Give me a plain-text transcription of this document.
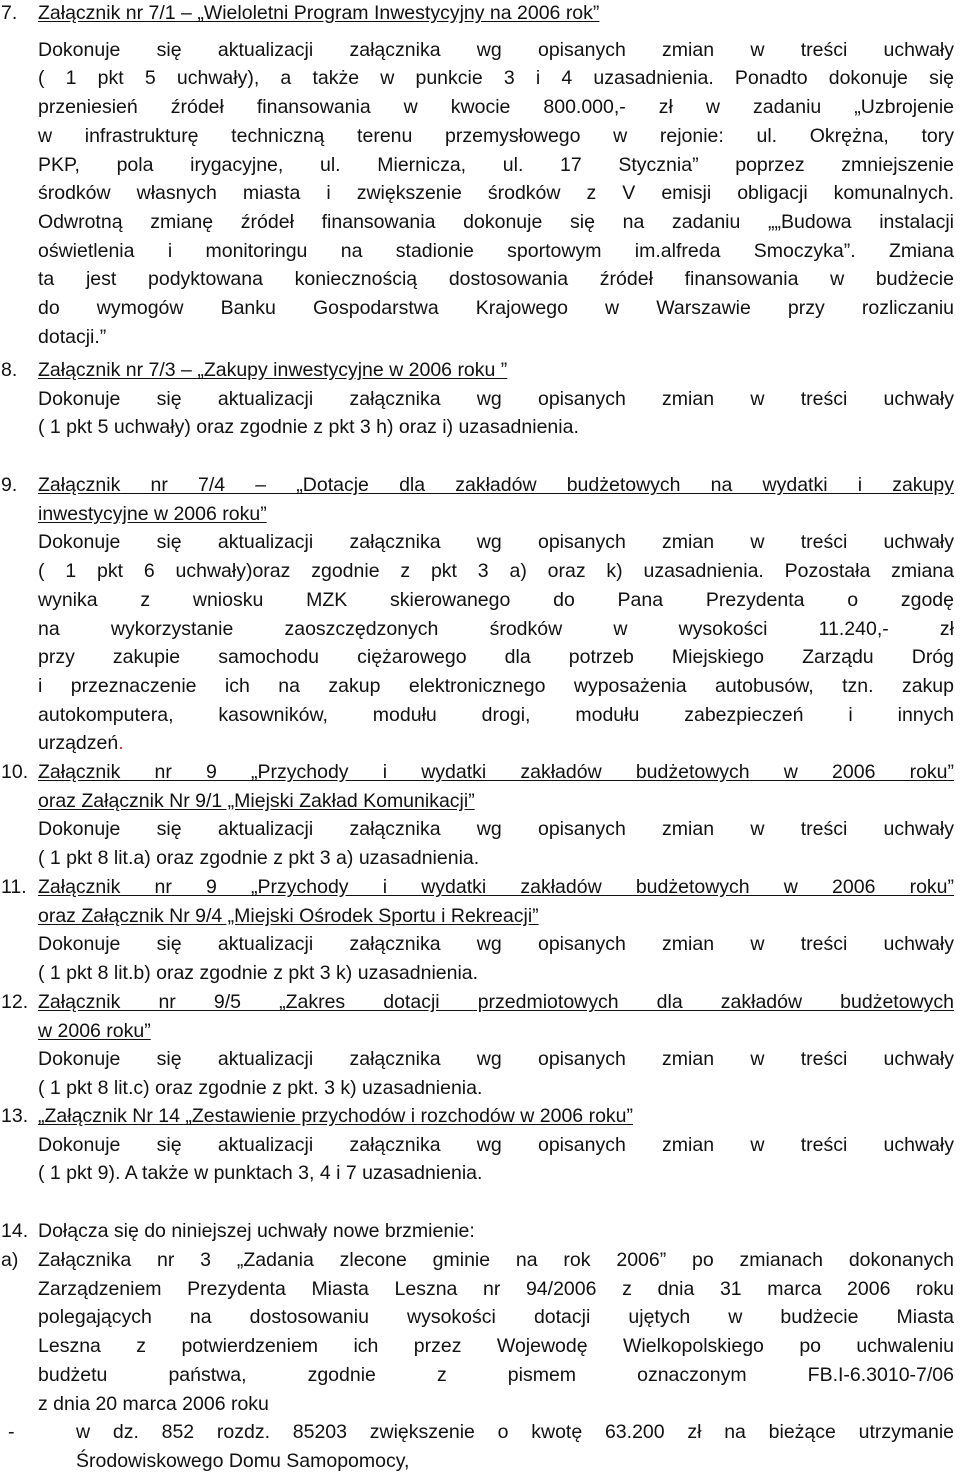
7. Załącznik nr 7/1 – „Wieloletni Program Inwestycyjny na 2006 rok”

Dokonuje się aktualizacji załącznika wg opisanych zmian w treści uchwały

( 1 pkt 5 uchwały), a także w punkcie 3 i 4 uzasadnienia. Ponadto dokonuje się

przeniesień źródeł finansowania w kwocie 800.000,- zł w zadaniu „Uzbrojenie

w infrastrukturę techniczną terenu przemysłowego w rejonie: ul. Okrężna, tory

PKP, pola irygacyjne, ul. Miernicza, ul. 17 Stycznia” poprzez zmniejszenie

środków własnych miasta i zwiększenie środków z V emisji obligacji komunalnych.

Odwrotną zmianę źródeł finansowania dokonuje się na zadaniu „„Budowa instalacji

oświetlenia i monitoringu na stadionie sportowym im.alfreda Smoczyka”. Zmiana

ta jest podyktowana koniecznością dostosowania źródeł finansowania w budżecie

do wymogów Banku Gospodarstwa Krajowego w Warszawie przy rozliczaniu

dotacji.”

8. Załącznik nr 7/3 – „Zakupy inwestycyjne w 2006 roku ”

Dokonuje się aktualizacji załącznika wg opisanych zmian w treści uchwały

( 1 pkt 5 uchwały) oraz zgodnie z pkt 3 h) oraz i) uzasadnienia.

9. Załącznik nr 7/4 – „Dotacje dla zakładów budżetowych na wydatki i zakupy

inwestycyjne w 2006 roku”

Dokonuje się aktualizacji załącznika wg opisanych zmian w treści uchwały

( 1 pkt 6 uchwały)oraz zgodnie z pkt 3 a) oraz k) uzasadnienia. Pozostała zmiana

wynika z wniosku MZK skierowanego do Pana Prezydenta o zgodę

na wykorzystanie zaoszczędzonych środków w wysokości 11.240,- zł

przy zakupie samochodu ciężarowego dla potrzeb Miejskiego Zarządu Dróg

i przeznaczenie ich na zakup elektronicznego wyposażenia autobusów, tzn. zakup

autokomputera, kasowników, modułu drogi, modułu zabezpieczeń i innych

urządzeń.

10. Załącznik nr 9 „Przychody i wydatki zakładów budżetowych w 2006 roku”

oraz Załącznik Nr 9/1 „Miejski Zakład Komunikacji”

Dokonuje się aktualizacji załącznika wg opisanych zmian w treści uchwały

( 1 pkt 8 lit.a) oraz zgodnie z pkt 3 a) uzasadnienia.

11. Załącznik nr 9 „Przychody i wydatki zakładów budżetowych w 2006 roku”

oraz Załącznik Nr 9/4 „Miejski Ośrodek Sportu i Rekreacji”

Dokonuje się aktualizacji załącznika wg opisanych zmian w treści uchwały

( 1 pkt 8 lit.b) oraz zgodnie z pkt 3 k) uzasadnienia.

12. Załącznik nr 9/5 „Zakres dotacji przedmiotowych dla zakładów budżetowych

w 2006 roku”

Dokonuje się aktualizacji załącznika wg opisanych zmian w treści uchwały

( 1 pkt 8 lit.c) oraz zgodnie z pkt. 3 k) uzasadnienia.

13. „Załącznik Nr 14 „Zestawienie przychodów i rozchodów w 2006 roku”

Dokonuje się aktualizacji załącznika wg opisanych zmian w treści uchwały

( 1 pkt 9). A także w punktach 3, 4 i 7 uzasadnienia.

14. Dołącza się do niniejszej uchwały nowe brzmienie:

a) Załącznika nr 3 „Zadania zlecone gminie na rok 2006” po zmianach dokonanych

Zarządzeniem Prezydenta Miasta Leszna nr 94/2006 z dnia 31 marca 2006 roku

polegających na dostosowaniu wysokości dotacji ujętych w budżecie Miasta

Leszna z potwierdzeniem ich przez Wojewodę Wielkopolskiego po uchwaleniu

budżetu państwa, zgodnie z pismem oznaczonym FB.I-6.3010-7/06

z dnia 20 marca 2006 roku

-	w dz. 852 rozdz. 85203 zwiększenie o kwotę 63.200 zł na bieżące utrzymanie

Środowiskowego Domu Samopomocy,
